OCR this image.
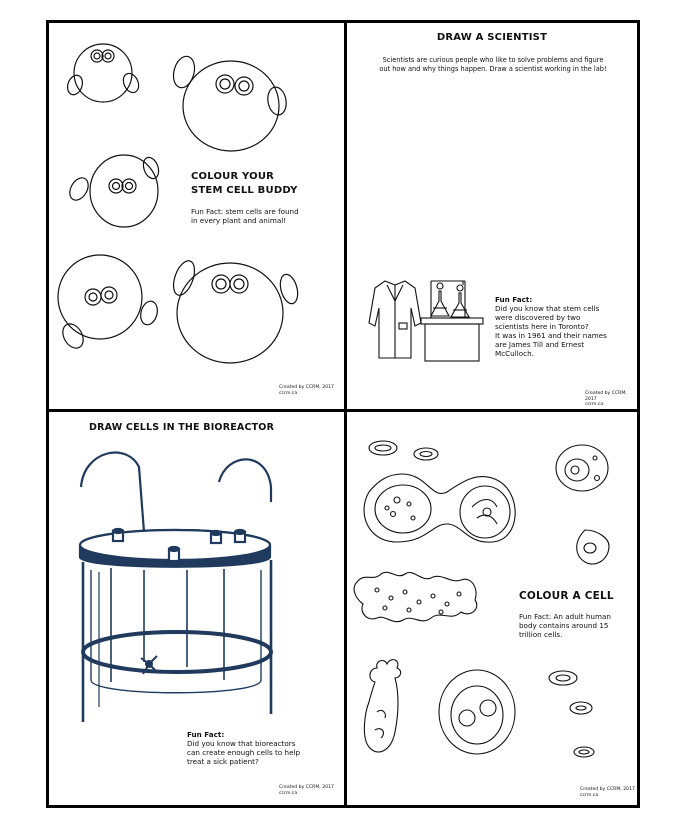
COLOUR YOUR
STEM CELL BUDDY
Fun Fact: stem cells are found
in every plant and animal!
Created by CCRM, 2017
ccrm.ca
DRAW A SCIENTIST
Scientists are curious people who like to solve problems and figure
out how and why things happen. Draw a scientist working in the lab!
Fun Fact:
Did you know that stem cells
were discovered by two
scientists here in Toronto?
It was in 1961 and their names
are James Till and Ernest
McCulloch.
Created by CCRM, 2017
ccrm.ca
DRAW CELLS IN THE BIOREACTOR
Fun Fact:
Did you know that bioreactors
can create enough cells to help
treat a sick patient?
Created by CCRM, 2017
ccrm.ca
COLOUR A CELL
Fun Fact: An adult human
body contains around 15
trillion cells.
Created by CCRM, 2017
ccrm.ca
